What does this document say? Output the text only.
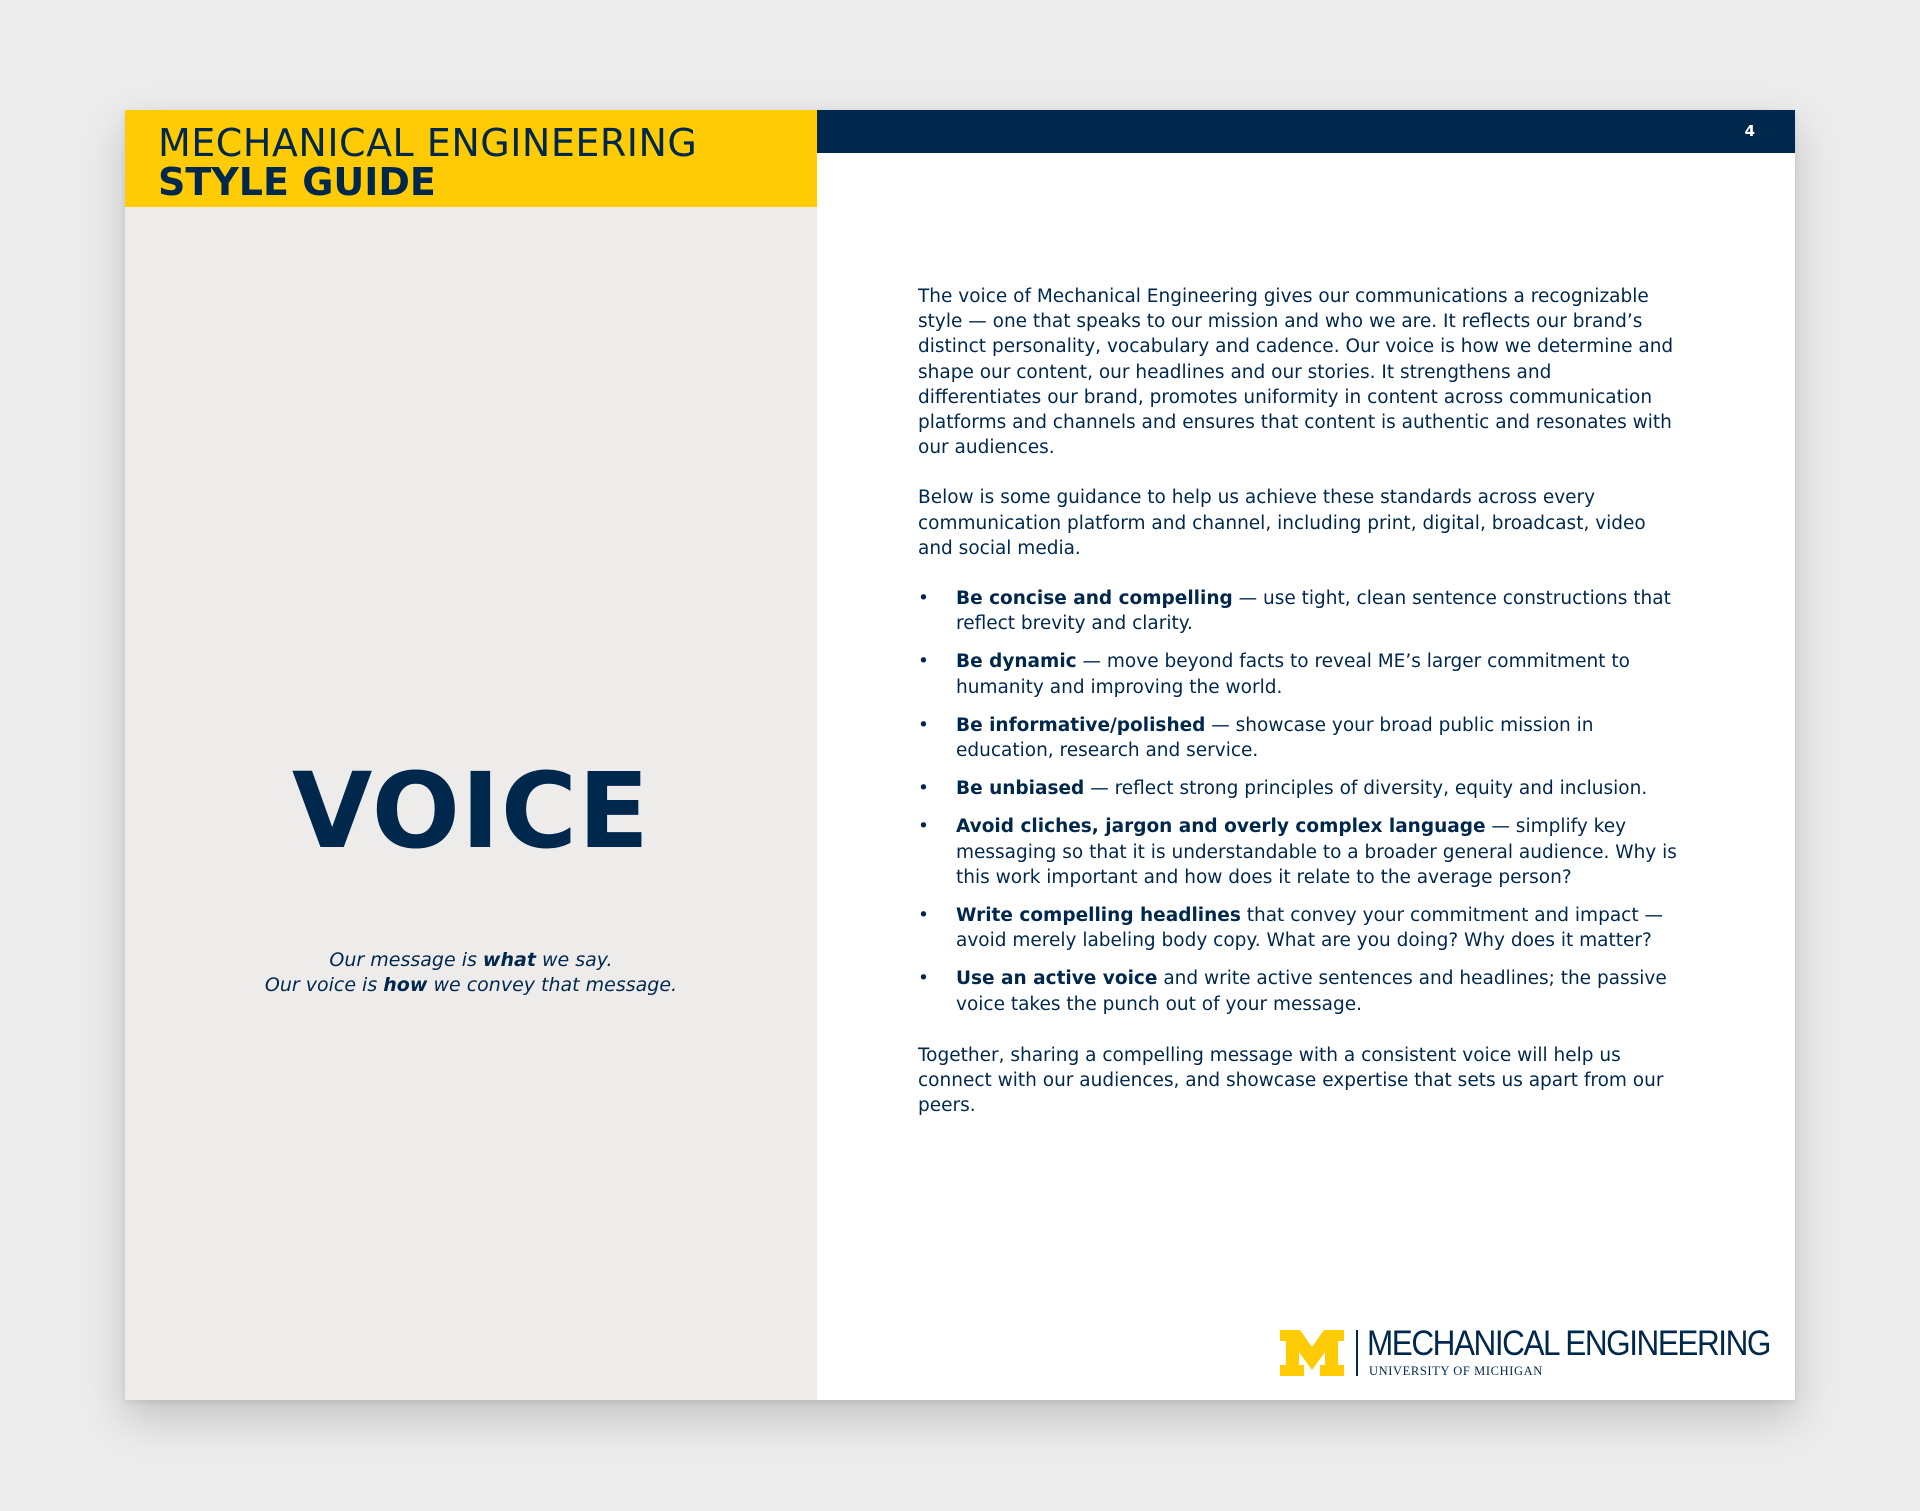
MECHANICAL ENGINEERING
STYLE GUIDE
4
VOICE
Our message is what we say.
Our voice is how we convey that message.

The voice of Mechanical Engineering gives our communications a recognizable style — one that speaks to our mission and who we are. It reflects our brand’s distinct personality, vocabulary and cadence. Our voice is how we determine and shape our content, our headlines and our stories. It strengthens and differentiates our brand, promotes uniformity in content across communication platforms and channels and ensures that content is authentic and resonates with our audiences.

Below is some guidance to help us achieve these standards across every communication platform and channel, including print, digital, broadcast, video and social media.

• Be concise and compelling — use tight, clean sentence constructions that reflect brevity and clarity.
• Be dynamic — move beyond facts to reveal ME’s larger commitment to humanity and improving the world.
• Be informative/polished — showcase your broad public mission in education, research and service.
• Be unbiased — reflect strong principles of diversity, equity and inclusion.
• Avoid cliches, jargon and overly complex language — simplify key messaging so that it is understandable to a broader general audience. Why is this work important and how does it relate to the average person?
• Write compelling headlines that convey your commitment and impact — avoid merely labeling body copy. What are you doing? Why does it matter?
• Use an active voice and write active sentences and headlines; the passive voice takes the punch out of your message.

Together, sharing a compelling message with a consistent voice will help us connect with our audiences, and showcase expertise that sets us apart from our peers.

MECHANICAL ENGINEERING
UNIVERSITY OF MICHIGAN
